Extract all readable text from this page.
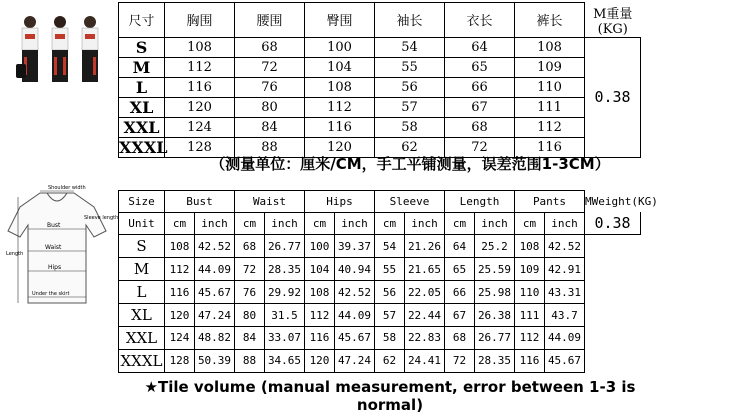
尺寸	胸围	腰围	臀围	袖长	衣长	裤长	M重量(KG)
S	108	68	100	54	64	108	0.38
M	112	72	104	55	65	109	
L	116	76	108	56	66	110	
XL	120	80	112	57	67	111	
XXL	124	84	116	58	68	112	
XXXL	128	88	120	62	72	116	
（测量单位：厘米/CM，手工平铺测量，误差范围1-3CM）
Shoulder width
Bust
Sleeve length
Length
Waist
Hips
Under the skirt
Size	Bust		Waist		Hips		Sleeve		Length		Pants		MWeight(KG)
Unit	cm	inch	cm	inch	cm	inch	cm	inch	cm	inch	cm	inch	0.38
S	108	42.52	68	26.77	100	39.37	54	21.26	64	25.2	108	42.52	
M	112	44.09	72	28.35	104	40.94	55	21.65	65	25.59	109	42.91	
L	116	45.67	76	29.92	108	42.52	56	22.05	66	25.98	110	43.31	
XL	120	47.24	80	31.5	112	44.09	57	22.44	67	26.38	111	43.7	
XXL	124	48.82	84	33.07	116	45.67	58	22.83	68	26.77	112	44.09	
XXXL	128	50.39	88	34.65	120	47.24	62	24.41	72	28.35	116	45.67	
★Tile volume (manual measurement, error between 1-3 is normal)
